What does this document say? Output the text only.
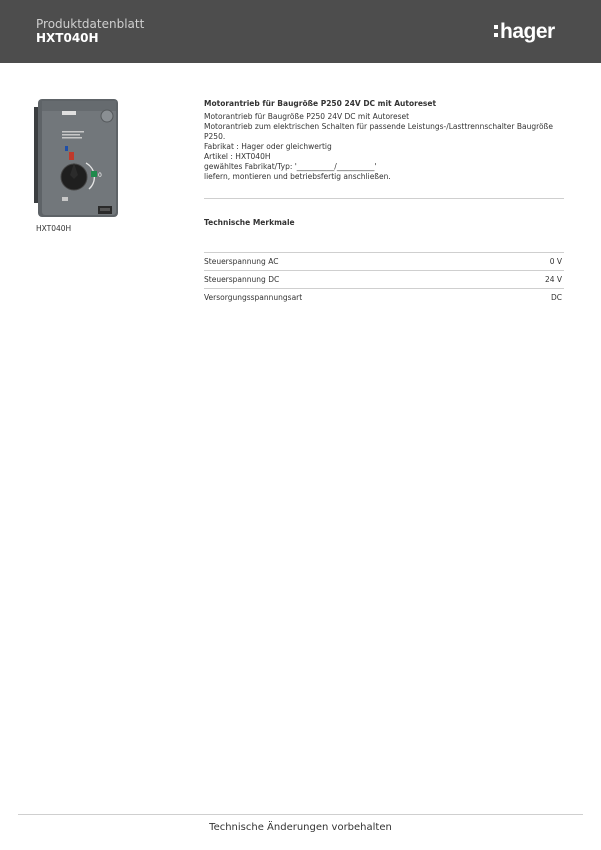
Produktdatenblatt
HXT040H	hager
0
HXT040H
Motorantrieb für Baugröße P250 24V DC mit Autoreset
Motorantrieb für Baugröße P250 24V DC mit Autoreset
Motorantrieb zum elektrischen Schalten für passende Leistungs-/Lasttrennschalter Baugröße
P250.
Fabrikat : Hager oder gleichwertig
Artikel : HXT040H
gewähltes Fabrikat/Typ: '__________/__________'
liefern, montieren und betriebsfertig anschließen.
Technische Merkmale
Steuerspannung AC	0 V
Steuerspannung DC	24 V
Versorgungsspannungsart	DC
Technische Änderungen vorbehalten
